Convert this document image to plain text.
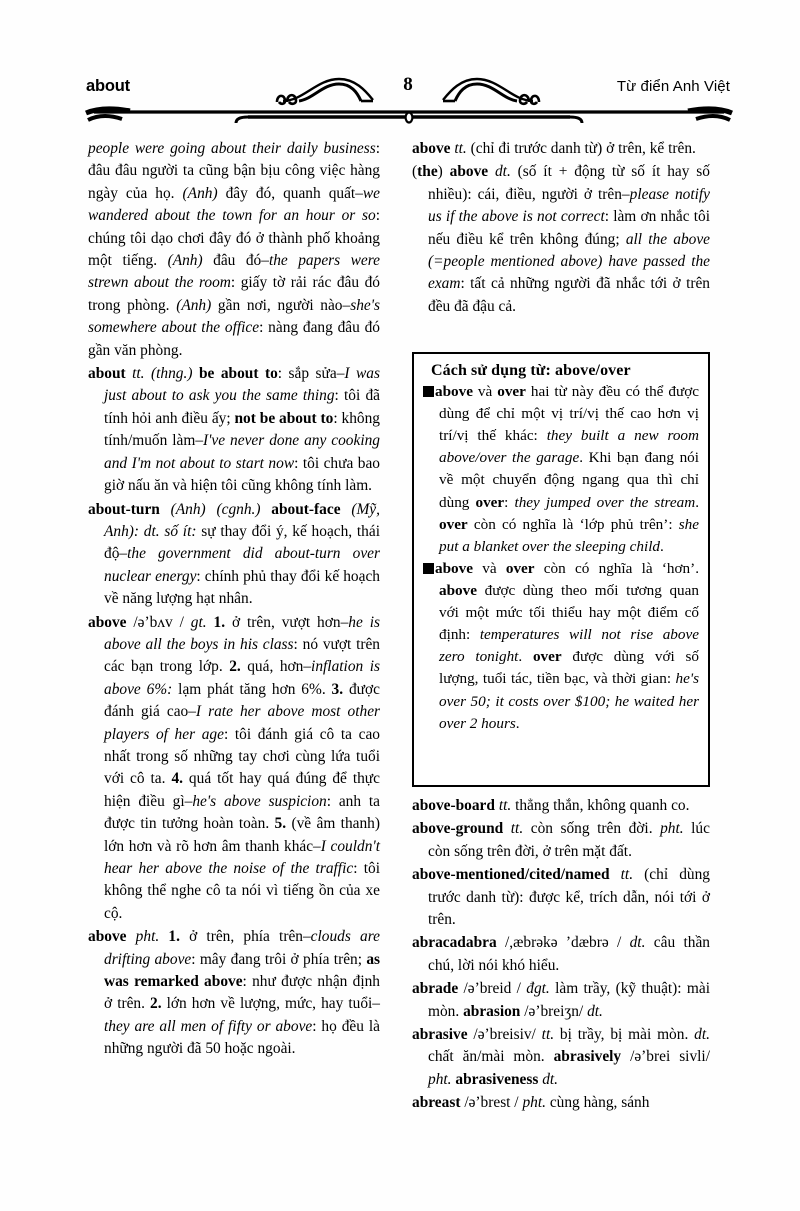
about	8	Từ điển Anh Việt
people were going about their daily business: đâu đâu người ta cũng bận bịu công việc hàng ngày của họ. (Anh) đây đó, quanh quất–we wandered about the town for an hour or so: chúng tôi dạo chơi đây đó ở thành phố khoảng một tiếng. (Anh) đâu đó–the papers were strewn about the room: giấy tờ rải rác đâu đó trong phòng. (Anh) gần nơi, người nào–she's somewhere about the office: nàng đang đâu đó gần văn phòng.
about tt. (thng.) be about to: sắp sửa–I was just about to ask you the same thing: tôi đã tính hỏi anh điều ấy; not be about to: không tính/muốn làm–I've never done any cooking and I'm not about to start now: tôi chưa bao giờ nấu ăn và hiện tôi cũng không tính làm.
about-turn (Anh) (cgnh.) about-face (Mỹ, Anh): dt. số ít: sự thay đổi ý, kế hoạch, thái độ–the government did about-turn over nuclear energy: chính phủ thay đổi kế hoạch về năng lượng hạt nhân.
above /ə’bʌv / gt. 1. ở trên, vượt hơn–he is above all the boys in his class: nó vượt trên các bạn trong lớp. 2. quá, hơn–inflation is above 6%: lạm phát tăng hơn 6%. 3. được đánh giá cao–I rate her above most other players of her age: tôi đánh giá cô ta cao nhất trong số những tay chơi cùng lứa tuổi với cô ta. 4. quá tốt hay quá đúng để thực hiện điều gì–he's above suspicion: anh ta được tin tưởng hoàn toàn. 5. (về âm thanh) lớn hơn và rõ hơn âm thanh khác–I couldn't hear her above the noise of the traffic: tôi không thể nghe cô ta nói vì tiếng ồn của xe cộ.
above pht. 1. ở trên, phía trên–clouds are drifting above: mây đang trôi ở phía trên; as was remarked above: như được nhận định ở trên. 2. lớn hơn về lượng, mức, hay tuổi–they are all men of fifty or above: họ đều là những người đã 50 hoặc ngoài.
above tt. (chỉ đi trước danh từ) ở trên, kể trên.
(the) above dt. (số ít + động từ số ít hay số nhiều): cái, điều, người ở trên–please notify us if the above is not correct: làm ơn nhắc tôi nếu điều kể trên không đúng; all the above (=people mentioned above) have passed the exam: tất cả những người đã nhắc tới ở trên đều đã đậu cả.
Cách sử dụng từ: above/over
above và over hai từ này đều có thể được dùng để chỉ một vị trí/vị thế cao hơn vị trí/vị thế khác: they built a new room above/over the garage. Khi bạn đang nói về một chuyển động ngang qua thì chỉ dùng over: they jumped over the stream. over còn có nghĩa là ‘lớp phủ trên’: she put a blanket over the sleeping child.
above và over còn có nghĩa là ‘hơn’. above được dùng theo mối tương quan với một mức tối thiểu hay một điểm cố định: temperatures will not rise above zero tonight. over được dùng với số lượng, tuổi tác, tiền bạc, và thời gian: he's over 50; it costs over $100; he waited her over 2 hours.
above-board tt. thẳng thắn, không quanh co.
above-ground tt. còn sống trên đời. pht. lúc còn sống trên đời, ở trên mặt đất.
above-mentioned/cited/named tt. (chỉ dùng trước danh từ): được kể, trích dẫn, nói tới ở trên.
abracadabra /,æbrəkə ’dæbrə / dt. câu thần chú, lời nói khó hiểu.
abrade /ə’breid / đgt. làm trầy, (kỹ thuật): mài mòn. abrasion /ə’breiʒn/ dt.
abrasive /ə’breisiv/ tt. bị trầy, bị mài mòn. dt. chất ăn/mài mòn. abrasively /ə’brei sivli/ pht. abrasiveness dt.
abreast /ə’brest / pht. cùng hàng, sánh
